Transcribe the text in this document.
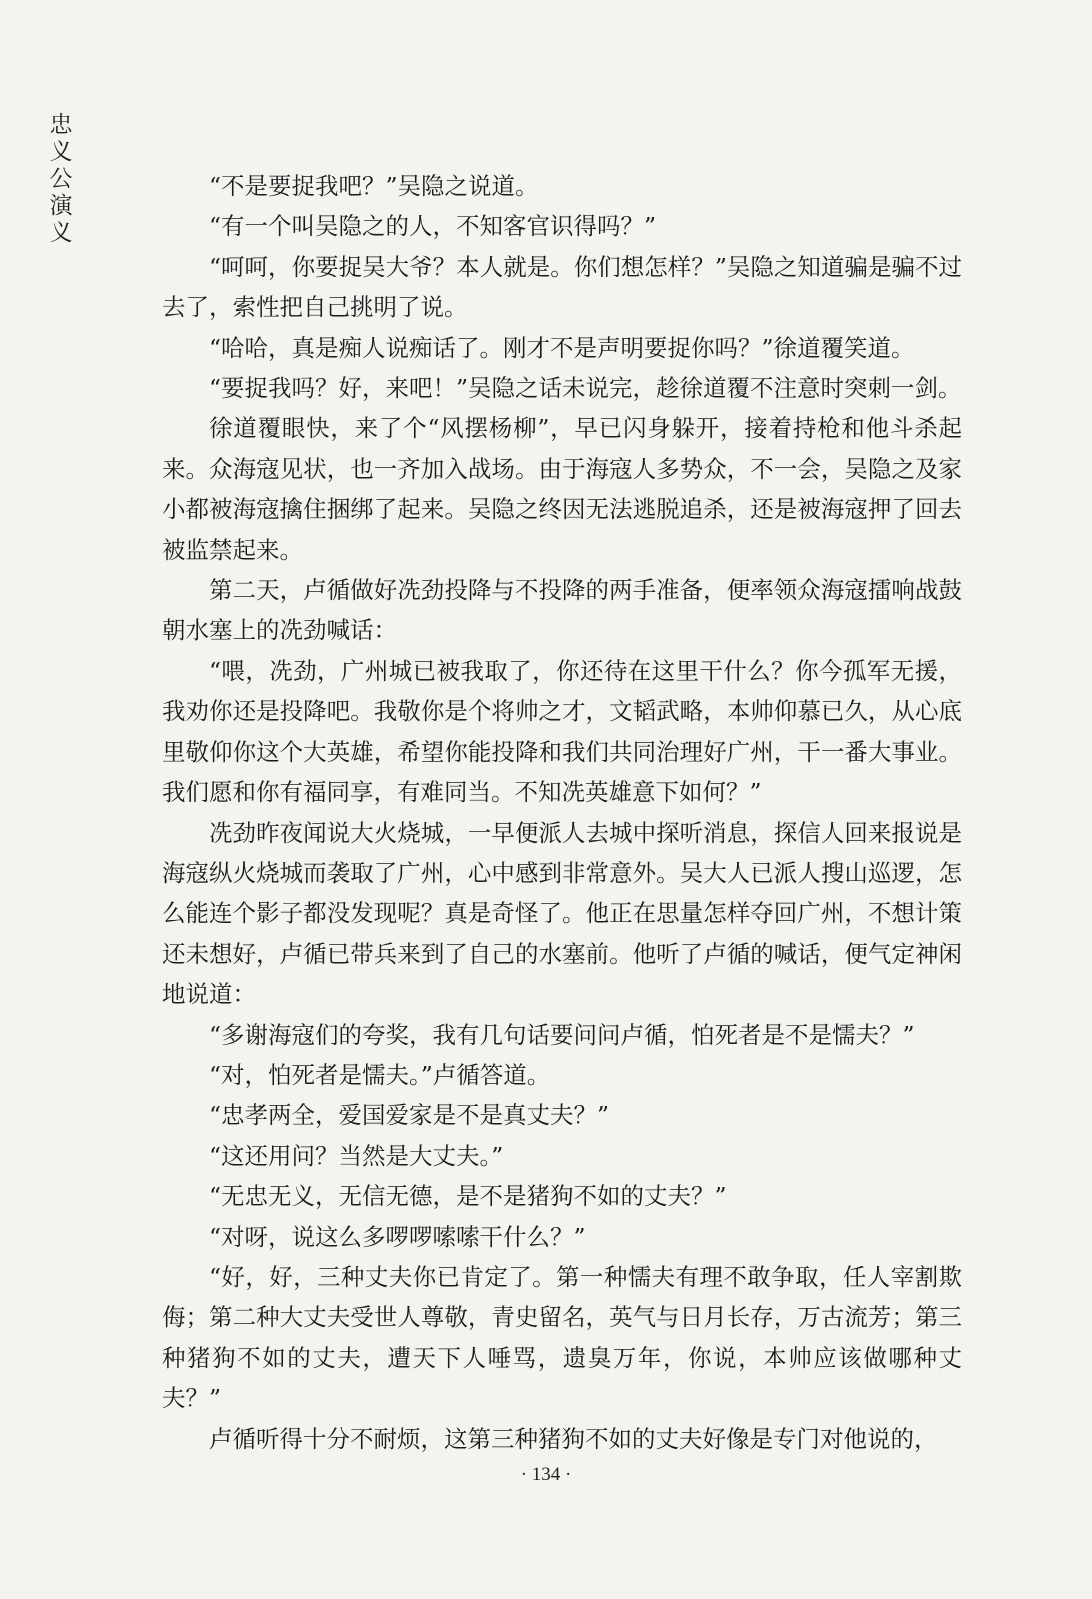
忠
义
公
演
义

“不是要捉我吧？”吴隐之说道。

“有一个叫吴隐之的人，不知客官识得吗？”

“呵呵，你要捉吴大爷？本人就是。你们想怎样？”吴隐之知道骗是骗不过去了，索性把自己挑明了说。

“哈哈，真是痴人说痴话了。刚才不是声明要捉你吗？”徐道覆笑道。

“要捉我吗？好，来吧！”吴隐之话未说完，趁徐道覆不注意时突刺一剑。

徐道覆眼快，来了个“风摆杨柳”，早已闪身躲开，接着持枪和他斗杀起来。众海寇见状，也一齐加入战场。由于海寇人多势众，不一会，吴隐之及家小都被海寇擒住捆绑了起来。吴隐之终因无法逃脱追杀，还是被海寇押了回去被监禁起来。

第二天，卢循做好冼劲投降与不投降的两手准备，便率领众海寇擂响战鼓朝水塞上的冼劲喊话：

“喂，冼劲，广州城已被我取了，你还待在这里干什么？你今孤军无援，我劝你还是投降吧。我敬你是个将帅之才，文韬武略，本帅仰慕已久，从心底里敬仰你这个大英雄，希望你能投降和我们共同治理好广州，干一番大事业。我们愿和你有福同享，有难同当。不知冼英雄意下如何？”

冼劲昨夜闻说大火烧城，一早便派人去城中探听消息，探信人回来报说是海寇纵火烧城而袭取了广州，心中感到非常意外。吴大人已派人搜山巡逻，怎么能连个影子都没发现呢？真是奇怪了。他正在思量怎样夺回广州，不想计策还未想好，卢循已带兵来到了自己的水塞前。他听了卢循的喊话，便气定神闲地说道：

“多谢海寇们的夸奖，我有几句话要问问卢循，怕死者是不是懦夫？”

“对，怕死者是懦夫。”卢循答道。

“忠孝两全，爱国爱家是不是真丈夫？”

“这还用问？当然是大丈夫。”

“无忠无义，无信无德，是不是猪狗不如的丈夫？”

“对呀，说这么多啰啰嗦嗦干什么？”

“好，好，三种丈夫你已肯定了。第一种懦夫有理不敢争取，任人宰割欺侮；第二种大丈夫受世人尊敬，青史留名，英气与日月长存，万古流芳；第三种猪狗不如的丈夫，遭天下人唾骂，遗臭万年，你说，本帅应该做哪种丈夫？”

卢循听得十分不耐烦，这第三种猪狗不如的丈夫好像是专门对他说的，

· 134 ·
